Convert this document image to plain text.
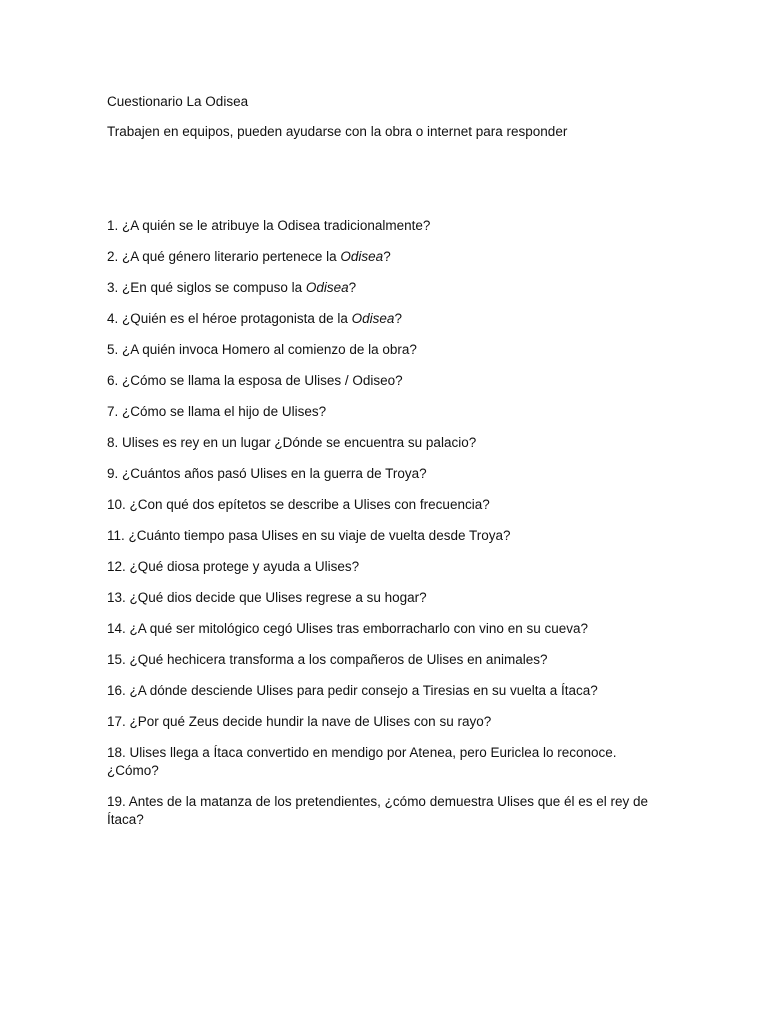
Cuestionario La Odisea

Trabajen en equipos, pueden ayudarse con la obra o internet para responder

1. ¿A quién se le atribuye la Odisea tradicionalmente?
2. ¿A qué género literario pertenece la Odisea?
3. ¿En qué siglos se compuso la Odisea?
4. ¿Quién es el héroe protagonista de la Odisea?
5. ¿A quién invoca Homero al comienzo de la obra?
6. ¿Cómo se llama la esposa de Ulises / Odiseo?
7. ¿Cómo se llama el hijo de Ulises?
8. Ulises es rey en un lugar ¿Dónde se encuentra su palacio?
9. ¿Cuántos años pasó Ulises en la guerra de Troya?
10. ¿Con qué dos epítetos se describe a Ulises con frecuencia?
11. ¿Cuánto tiempo pasa Ulises en su viaje de vuelta desde Troya?
12. ¿Qué diosa protege y ayuda a Ulises?
13. ¿Qué dios decide que Ulises regrese a su hogar?
14. ¿A qué ser mitológico cegó Ulises tras emborracharlo con vino en su cueva?
15. ¿Qué hechicera transforma a los compañeros de Ulises en animales?
16. ¿A dónde desciende Ulises para pedir consejo a Tiresias en su vuelta a Ítaca?
17. ¿Por qué Zeus decide hundir la nave de Ulises con su rayo?
18. Ulises llega a Ítaca convertido en mendigo por Atenea, pero Euriclea lo reconoce. ¿Cómo?
19. Antes de la matanza de los pretendientes, ¿cómo demuestra Ulises que él es el rey de Ítaca?
